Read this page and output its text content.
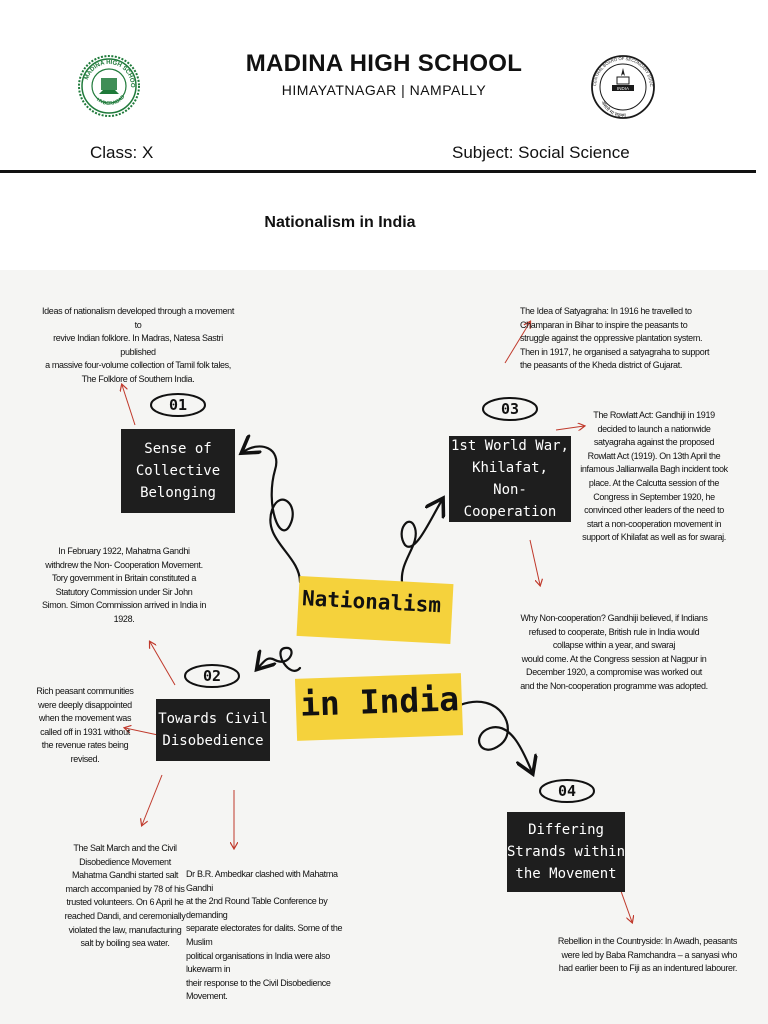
MADINA HIGH SCHOO
HYDERABAD
MADINA HIGH SCHOOL
HIMAYATNAGAR | NAMPALLY	CENTRAL BOARD OF SECONDARY EDUC
असतो मा सद्गमय
INDIA
Class: X	Subject: Social Science
Nationalism in India
01
02
03
04
Sense of
Collective
Belonging
Towards Civil
Disobedience
1st World War,
Khilafat,
Non-Cooperation
Differing
Strands within
the Movement
Nationalism
in India
Ideas of nationalism developed through a movement to
revive Indian folklore. In Madras, Natesa Sastri published
a massive four-volume collection of Tamil folk tales,
The Folklore of Southern India.
The Idea of Satyagraha: In 1916 he travelled to
Champaran in Bihar to inspire the peasants to
struggle against the oppressive plantation system.
Then in 1917, he organised a satyagraha to support
the peasants of the Kheda district of Gujarat.
The Rowlatt Act: Gandhiji in 1919
decided to launch a nationwide
satyagraha against the proposed
Rowlatt Act (1919). On 13th April the
infamous Jallianwalla Bagh incident took
place. At the Calcutta session of the
Congress in September 1920, he
convinced other leaders of the need to
start a non-cooperation movement in
support of Khilafat as well as for swaraj.
In February 1922, Mahatma Gandhi
withdrew the Non- Cooperation Movement.
Tory government in Britain constituted a
Statutory Commission under Sir John
Simon. Simon Commission arrived in India in
1928.	Why Non-cooperation? Gandhiji believed, if Indians
refused to cooperate, British rule in India would
collapse within a year, and swaraj
would come. At the Congress session at Nagpur in
December 1920, a compromise was worked out
and the Non-cooperation programme was adopted.
Rich peasant communities
were deeply disappointed
when the movement was
called off in 1931 without
the revenue rates being
revised.
The Salt March and the Civil
Disobedience Movement
Mahatma Gandhi started salt
march accompanied by 78 of his
trusted volunteers. On 6 April he
reached Dandi, and ceremonially
violated the law, manufacturing
salt by boiling sea water.
Dr B.R. Ambedkar clashed with Mahatma Gandhi
at the 2nd Round Table Conference by demanding
separate electorates for dalits. Some of the Muslim
political organisations in India were also lukewarm in
their response to the Civil Disobedience Movement.
Rebellion in the Countryside: In Awadh, peasants
were led by Baba Ramchandra – a sanyasi who
had earlier been to Fiji as an indentured labourer.
